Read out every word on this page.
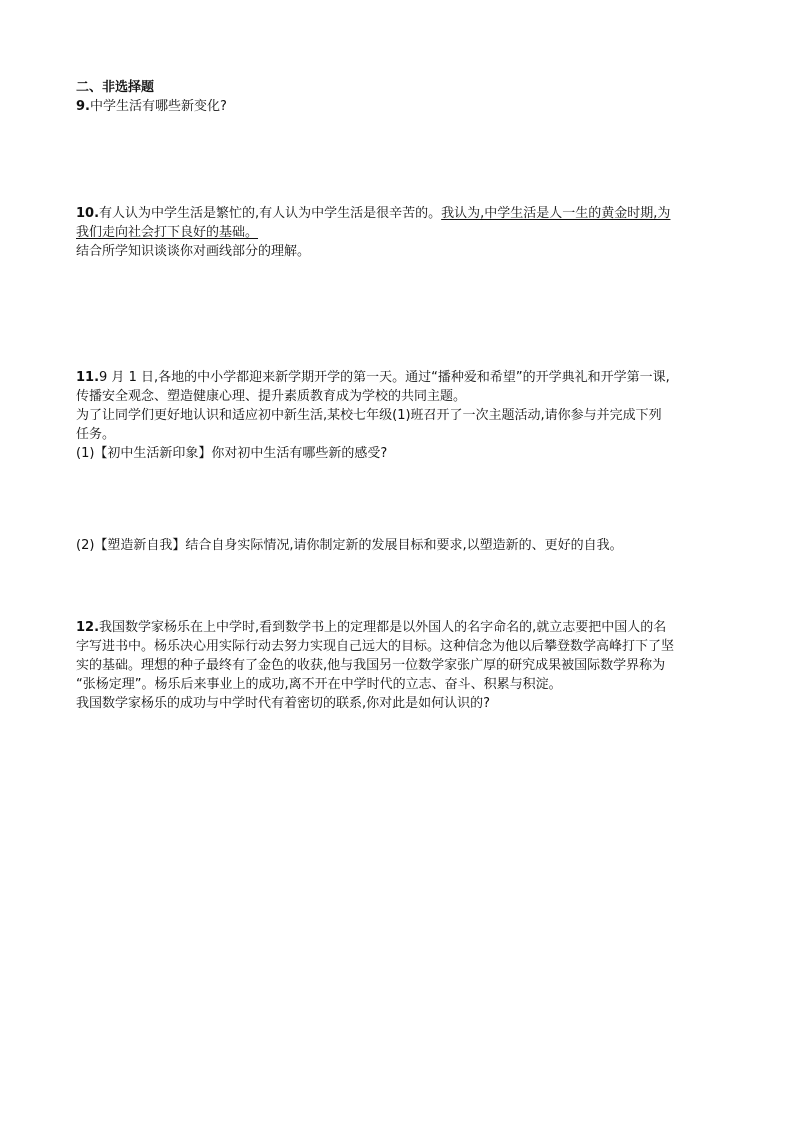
二、非选择题

9.中学生活有哪些新变化?

10.有人认为中学生活是繁忙的,有人认为中学生活是很辛苦的。我认为,中学生活是人一生的黄金时期,为

我们走向社会打下良好的基础。

结合所学知识谈谈你对画线部分的理解。

11.9 月 1 日,各地的中小学都迎来新学期开学的第一天。通过“播种爱和希望”的开学典礼和开学第一课,

传播安全观念、塑造健康心理、提升素质教育成为学校的共同主题。

为了让同学们更好地认识和适应初中新生活,某校七年级(1)班召开了一次主题活动,请你参与并完成下列

任务。

(1)【初中生活新印象】你对初中生活有哪些新的感受?

(2)【塑造新自我】结合自身实际情况,请你制定新的发展目标和要求,以塑造新的、更好的自我。

12.我国数学家杨乐在上中学时,看到数学书上的定理都是以外国人的名字命名的,就立志要把中国人的名

字写进书中。杨乐决心用实际行动去努力实现自己远大的目标。这种信念为他以后攀登数学高峰打下了坚

实的基础。理想的种子最终有了金色的收获,他与我国另一位数学家张广厚的研究成果被国际数学界称为

“张杨定理”。杨乐后来事业上的成功,离不开在中学时代的立志、奋斗、积累与积淀。

我国数学家杨乐的成功与中学时代有着密切的联系,你对此是如何认识的?
